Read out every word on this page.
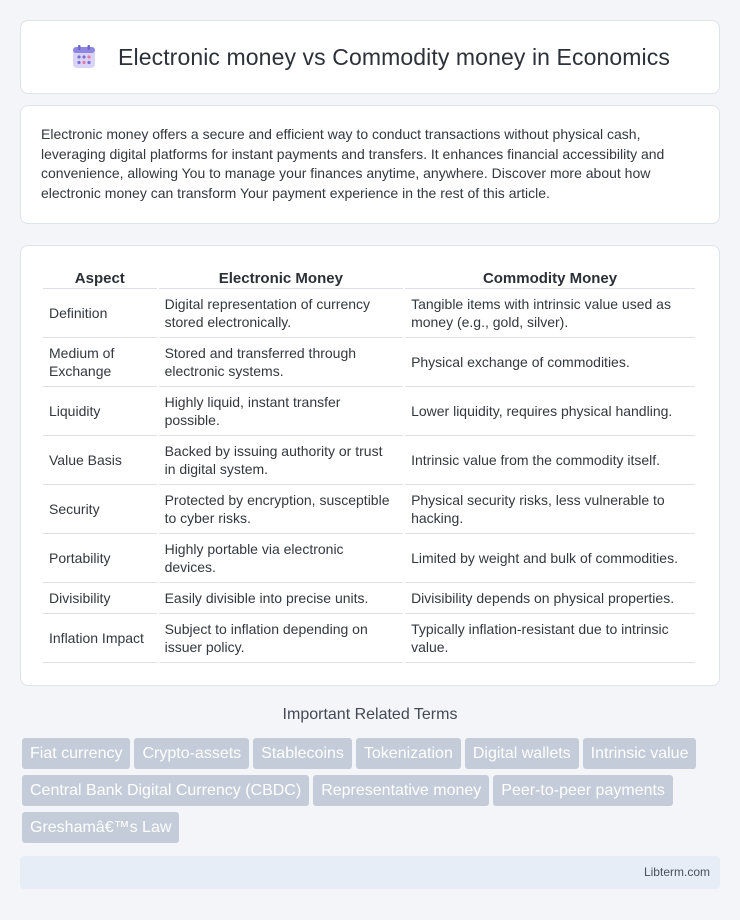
Electronic money vs Commodity money in Economics

Electronic money offers a secure and efficient way to conduct transactions without physical cash, leveraging digital platforms for instant payments and transfers. It enhances financial accessibility and convenience, allowing You to manage your finances anytime, anywhere. Discover more about how electronic money can transform Your payment experience in the rest of this article.

Aspect	Electronic Money	Commodity Money
Definition	Digital representation of currency stored electronically.	Tangible items with intrinsic value used as money (e.g., gold, silver).
Medium of Exchange	Stored and transferred through electronic systems.	Physical exchange of commodities.
Liquidity	Highly liquid, instant transfer possible.	Lower liquidity, requires physical handling.
Value Basis	Backed by issuing authority or trust in digital system.	Intrinsic value from the commodity itself.
Security	Protected by encryption, susceptible to cyber risks.	Physical security risks, less vulnerable to hacking.
Portability	Highly portable via electronic devices.	Limited by weight and bulk of commodities.
Divisibility	Easily divisible into precise units.	Divisibility depends on physical properties.
Inflation Impact	Subject to inflation depending on issuer policy.	Typically inflation-resistant due to intrinsic value.
Important Related Terms
Fiat currency Crypto-assets Stablecoins Tokenization Digital wallets Intrinsic value
Central Bank Digital Currency (CBDC) Representative money Peer-to-peer payments
Greshamâ€™s Law
Libterm.com
